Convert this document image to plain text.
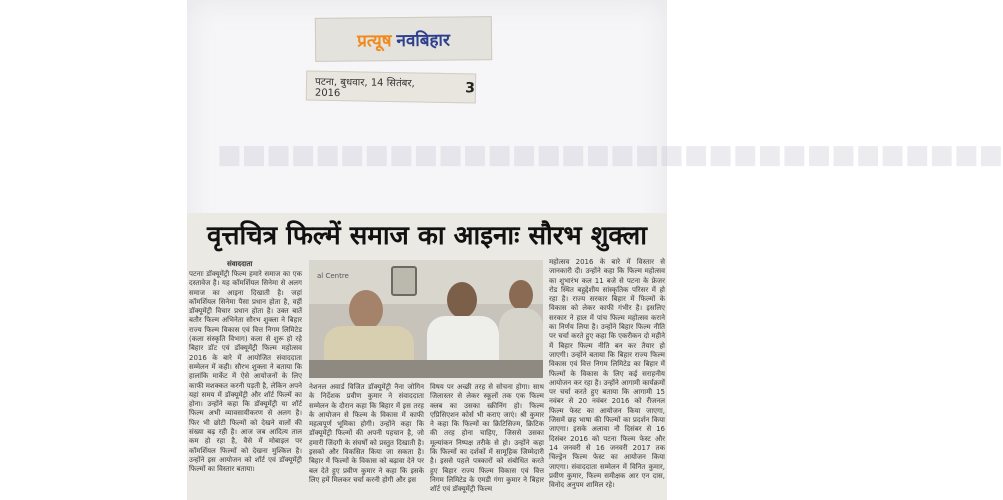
■■■■■■■■■■■■■■■■■■■■■■■■■■■■■■■■
प्रत्यूष नवबिहार
पटना, बुधवार, 14 सितंबर, 2016	3
वृत्तचित्र फिल्में समाज का आइनाः सौरभ शुक्ला
संवाददाता
पटनाः डॉक्यूमेंट्री फिल्म हमारे समाज का एक दस्तावेज है। यह कॉमर्शियल सिनेमा से अलग समाज का आइना दिखाती है। जहां कॉमर्शियल सिनेमा पैसा प्रधान होता है, वहीं डॉक्यूमेंट्री विचार प्रधान होता है। उक्त बातें बतौर फिल्म अभिनेता सौरभ शुक्ला ने बिहार राज्य फिल्म विकास एवं वित्त निगम लिमिटेड (कला संस्कृति विभाग) कला से शुरू हो रहे बिहार डॉट एवं डॉक्यूमेंट्री फिल्म महोत्सव 2016 के बारे में आयोजित संवाददाता सम्मेलन में कही। सौरभ शुक्ला ने बताया कि हालांकि मार्केट में ऐसे आयोजनों के लिए काफी मशक्कत करनी पड़ती है, लेकिन अपने यहां समय में डॉक्यूमेंट्री और शॉर्ट फिल्में का होना। उन्होंने कहा कि डॉक्यूमेंट्री या शॉर्ट फिल्म अभी व्यावसायीकरण से अलग है। फिर भी छोटी फिल्मों को देखने वालों की संख्या बढ़ रही है। आज जब आदित्य ताल कम हो रहा है, वैसे में मोबाइल पर कॉमर्शियल फिल्मों को देखना मुश्किल है। उन्होंने इस आयोजन को शॉर्ट एवं डॉक्यूमेंट्री फिल्मों का विस्तार बताया।
al Centre
नेशनल अवार्ड विजित डॉक्यूमेंट्री नैना जोगिन के निर्देशक प्रवीण कुमार ने संवाददाता सम्मेलन के दौरान कहा कि बिहार में इस तरह के आयोजन से फिल्म के विकास में काफी महत्वपूर्ण भूमिका होगी। उन्होंने कहा कि डॉक्यूमेंट्री फिल्मों की अपनी पहचान है, जो हमारी जिंदगी के संघर्षों को प्रस्तुत दिखाती है। इसको और विकसित किया जा सकता है। बिहार में फिल्मों के विकास को बढ़ावा देने पर बल देते हुए प्रवीण कुमार ने कहा कि इसके लिए हमें मिलकर चर्चा करनी होगी और इस
विषय पर अच्छी तरह से सोचना होगा। साथ जिलास्तर से लेकर स्कूलों तक एक फिल्म क्लब का उसका स्क्रीनिंग हो। फिल्म एप्रिसिएशन कोर्स भी कराए जाएं। श्री कुमार ने कहा कि फिल्मों का क्रिटिसिज्म, क्रिटिक की तरह होना चाहिए, जिससे उसका मूल्यांकन निष्पक्ष तरीके से हो। उन्होंने कहा कि फिल्मों का दर्शकों में सामूहिक जिम्मेदारी है। इससे पहले पत्रकारों को संबोधित करते हुए बिहार राज्य फिल्म विकास एवं वित्त निगम लिमिटेड के एमडी गंगा कुमार ने बिहार शॉर्ट एवं डॉक्यूमेंट्री फिल्म
महोत्सव 2016 के बारे में विस्तार से जानकारी दी। उन्होंने कहा कि फिल्म महोत्सव का शुभारंभ कल 11 बजे से पटना के फ्रेजर रोड स्थित बहुद्देशीय सांस्कृतिक परिसर में हो रहा है। राज्य सरकार बिहार में फिल्मों के विकास को लेकर काफी गंभीर है। इसलिए सरकार ने हाल में पांच फिल्म महोत्सव कराने का निर्णय लिया है। उन्होंने बिहार फिल्म नीति पर चर्चा करते हुए कहा कि एकरीकन दो महीने में बिहार फिल्म नीति बन कर तैयार हो जाएगी। उन्होंने बताया कि बिहार राज्य फिल्म विकास एवं वित्त निगम लिमिटेड का बिहार में फिल्मों के विकास के लिए कई सराहनीय आयोजन कर रहा है। उन्होंने आगामी कार्यक्रमों पर चर्चा करते हुए बताया कि आगामी 15 नवंबर से 20 नवंबर 2016 को रीजनल फिल्म फेस्ट का आयोजन किया जाएगा, जिसमें छह भाषा की फिल्मों का प्रदर्शन किया जाएगा। इसके अलावा नौ दिसंबर से 16 दिसंबर 2016 को पटना फिल्म फेस्ट और 14 जनवरी से 16 जनवरी 2017 तक चिल्ड्रेन फिल्म फेस्ट का आयोजन किया जाएगा। संवाददाता सम्मेलन में विनित कुमार, प्रवीण कुमार, फिल्म समीक्षक आर एन दास, विनोद अनुपम शामिल रहे।
